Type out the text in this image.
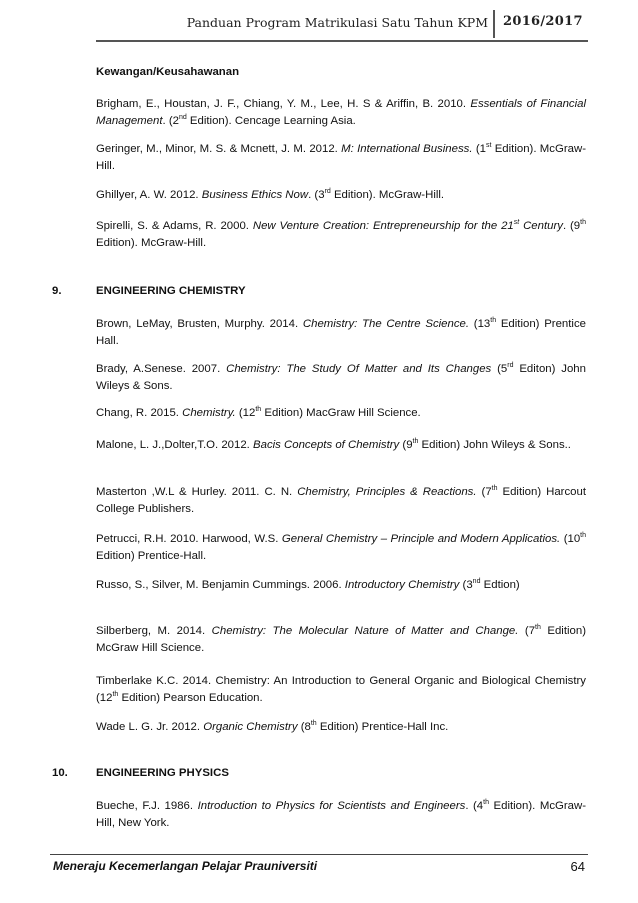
Panduan Program Matrikulasi Satu Tahun KPM 2016/2017
Kewangan/Keusahawanan
Brigham, E., Houstan, J. F., Chiang, Y. M., Lee, H. S & Ariffin, B. 2010. Essentials of Financial Management. (2nd Edition). Cencage Learning Asia.
Geringer, M., Minor, M. S. & Mcnett, J. M. 2012. M: International Business. (1st Edition). McGraw-Hill.
Ghillyer, A. W. 2012. Business Ethics Now. (3rd Edition). McGraw-Hill.
Spirelli, S. & Adams, R. 2000. New Venture Creation: Entrepreneurship for the 21st Century. (9th Edition). McGraw-Hill.
9.	ENGINEERING CHEMISTRY
Brown, LeMay, Brusten, Murphy. 2014. Chemistry: The Centre Science. (13th Edition) Prentice Hall.
Brady, A.Senese. 2007. Chemistry: The Study Of Matter and Its Changes (5rd Editon) John Wileys & Sons.
Chang, R. 2015. Chemistry. (12th Edition) MacGraw Hill Science.
Malone, L. J.,Dolter,T.O. 2012. Bacis Concepts of Chemistry (9th Edition) John Wileys & Sons..
Masterton ,W.L & Hurley. 2011. C. N. Chemistry, Principles & Reactions. (7th Edition) Harcout College Publishers.
Petrucci, R.H. 2010. Harwood, W.S. General Chemistry – Principle and Modern Applicatios. (10th Edition) Prentice-Hall.
Russo, S., Silver, M. Benjamin Cummings. 2006. Introductory Chemistry (3nd Edtion)
Silberberg, M. 2014. Chemistry: The Molecular Nature of Matter and Change. (7th Edition) McGraw Hill Science.
Timberlake K.C. 2014. Chemistry: An Introduction to General Organic and Biological Chemistry (12th Edition) Pearson Education.
Wade L. G. Jr. 2012. Organic Chemistry (8th Edition) Prentice-Hall Inc.
10. ENGINEERING PHYSICS
Bueche, F.J. 1986. Introduction to Physics for Scientists and Engineers. (4th Edition). McGraw-Hill, New York.
Meneraju Kecemerlangan Pelajar Prauniversiti	64
